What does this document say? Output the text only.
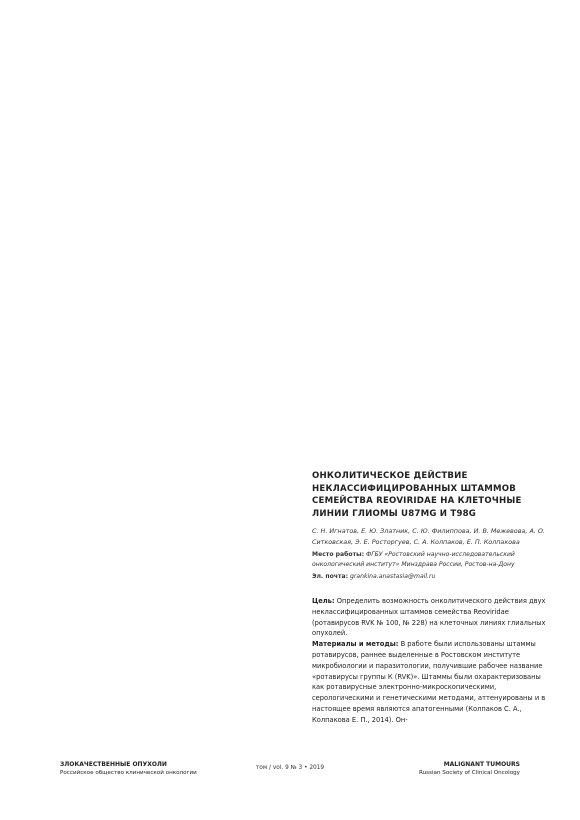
ОНКОЛИТИЧЕСКОЕ ДЕЙСТВИЕ НЕКЛАССИФИЦИРОВАННЫХ ШТАММОВ СЕМЕЙСТВА REOVIRIDAE НА КЛЕТОЧНЫЕ ЛИНИИ ГЛИОМЫ U87MG И T98G

С. Н. Игнатов, Е. Ю. Златник, С. Ю. Филиппова, И. В. Межевова, А. О. Ситковская, Э. Е. Росторгуев, С. А. Колпаков, Е. П. Колпакова

Место работы: ФГБУ «Ростовский научно-исследовательский онкологический институт» Минздрава России, Ростов-на-Дону

Эл. почта: grankina.anastasia@mail.ru

Цель: Определить возможность онколитического действия двух неклассифицированных штаммов семейства Reoviridae (ротавирусов RVK № 100, № 228) на клеточных линиях глиальных опухолей.

Материалы и методы: В работе были использованы штаммы ротавирусов, раннее выделенные в Ростовском институте микробиологии и паразитологии, получившие рабочее название «ротавирусы группы К (RVK)». Штаммы были охарактеризованы как ротавирусные электронно-микроскопическими, серологическими и генетическими методами, аттенуированы и в настоящее время являются апатогенными (Колпаков С. А., Колпакова Е. П., 2014). Он-

ЗЛОКАЧЕСТВЕННЫЕ ОПУХОЛИ
Российское общество клинической онкологии
том / vol. 9 № 3 • 2019	MALIGNANT TUMOURS
Russian Society of Clinical Oncology
